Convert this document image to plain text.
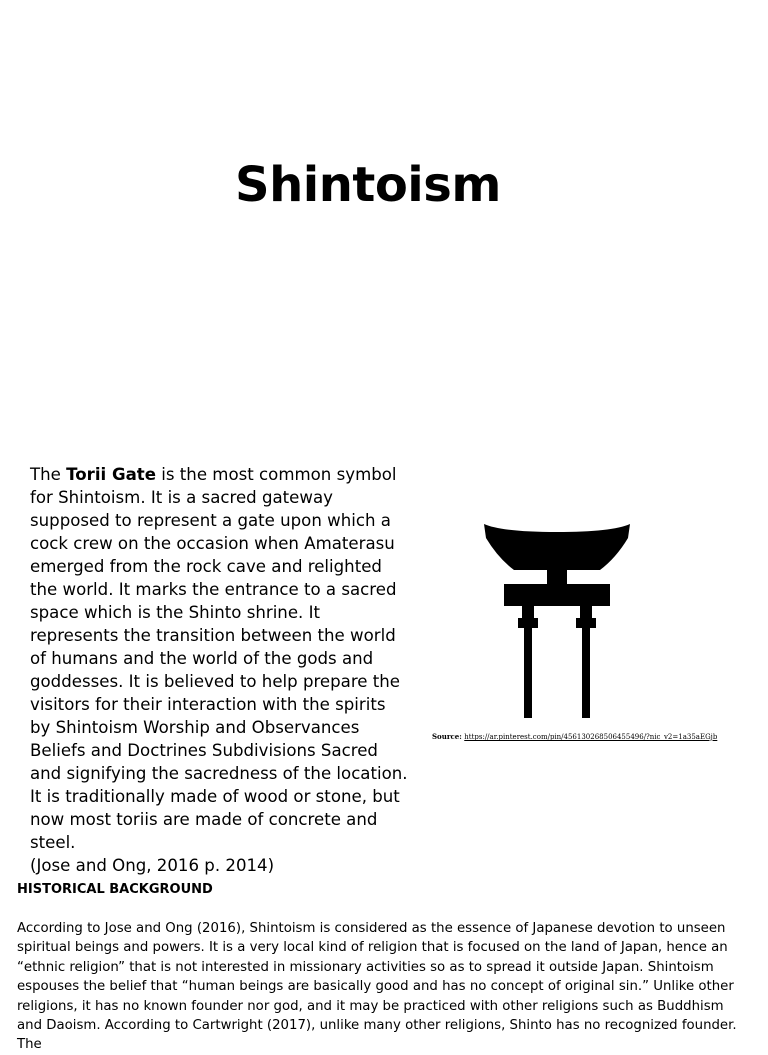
Shintoism

The Torii Gate is the most common symbol for Shintoism. It is a sacred gateway supposed to represent a gate upon which a cock crew on the occasion when Amaterasu emerged from the rock cave and relighted the world. It marks the entrance to a sacred space which is the Shinto shrine. It represents the transition between the world of humans and the world of the gods and goddesses. It is believed to help prepare the visitors for their interaction with the spirits by Shintoism Worship and Observances Beliefs and Doctrines Subdivisions Sacred and signifying the sacredness of the location. It is traditionally made of wood or stone, but now most toriis are made of concrete and steel.

(Jose and Ong, 2016 p. 2014)

Source: https://ar.pinterest.com/pin/456130268506455496/?nic_v2=1a35aEGjb
HISTORICAL BACKGROUND

According to Jose and Ong (2016), Shintoism is considered as the essence of Japanese devotion to unseen spiritual beings and powers. It is a very local kind of religion that is focused on the land of Japan, hence an “ethnic religion” that is not interested in missionary activities so as to spread it outside Japan. Shintoism espouses the belief that “human beings are basically good and has no concept of original sin.” Unlike other religions, it has no known founder nor god, and it may be practiced with other religions such as Buddhism and Daoism. According to Cartwright (2017), unlike many other religions, Shinto has no recognized founder. The
